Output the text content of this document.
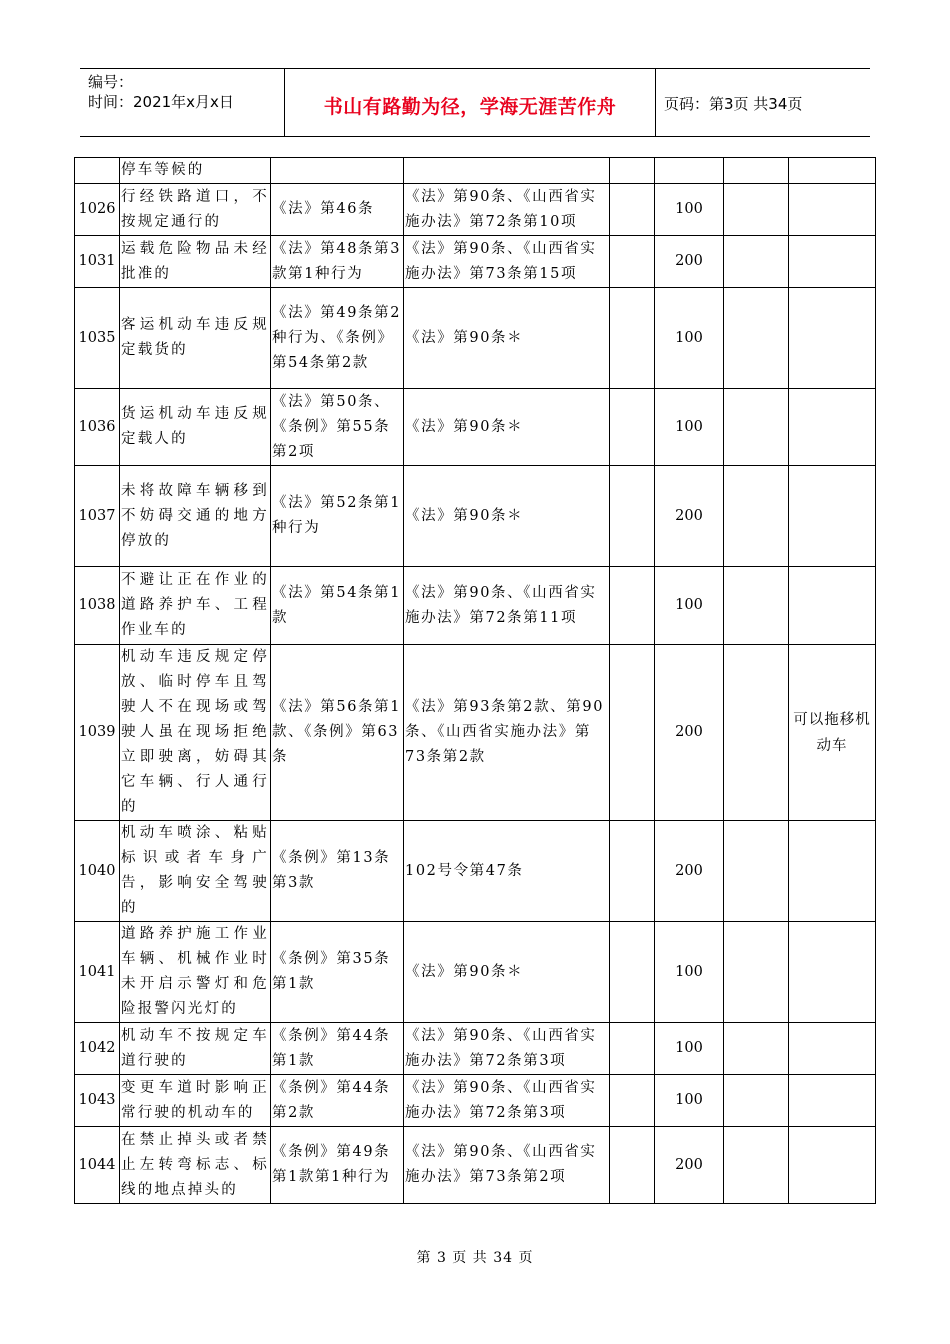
编号：
时间：2021年x月x日	书山有路勤为径，学海无涯苦作舟	页码：第3页 共34页
	停车等候的						
1026	行经铁路道口，不按规定通行的	《法》第46条	《法》第90条、《山西省实施办法》第72条第10项		100		
1031	运载危险物品未经批准的	《法》第48条第3款第1种行为	《法》第90条、《山西省实施办法》第73条第15项		200		
1035	客运机动车违反规定载货的	《法》第49条第2种行为、《条例》第54条第2款	《法》第90条＊		100		
1036	货运机动车违反规定载人的	《法》第50条、《条例》第55条第2项	《法》第90条＊		100		
1037	未将故障车辆移到不妨碍交通的地方停放的	《法》第52条第1种行为	《法》第90条＊		200		
1038	不避让正在作业的道路养护车、工程作业车的	《法》第54条第1款	《法》第90条、《山西省实施办法》第72条第11项		100		
1039	机动车违反规定停放、临时停车且驾驶人不在现场或驾驶人虽在现场拒绝立即驶离，妨碍其它车辆、行人通行的	《法》第56条第1款、《条例》第63条	《法》第93条第2款、第90条、《山西省实施办法》第73条第2款		200		可以拖移机动车
1040	机动车喷涂、粘贴标识或者车身广告，影响安全驾驶的	《条例》第13条第3款	102号令第47条		200		
1041	道路养护施工作业车辆、机械作业时未开启示警灯和危险报警闪光灯的	《条例》第35条第1款	《法》第90条＊		100		
1042	机动车不按规定车道行驶的	《条例》第44条第1款	《法》第90条、《山西省实施办法》第72条第3项		100		
1043	变更车道时影响正常行驶的机动车的	《条例》第44条第2款	《法》第90条、《山西省实施办法》第72条第3项		100		
1044	在禁止掉头或者禁止左转弯标志、标线的地点掉头的	《条例》第49条第1款第1种行为	《法》第90条、《山西省实施办法》第73条第2项		200		
第 3 页 共 34 页
